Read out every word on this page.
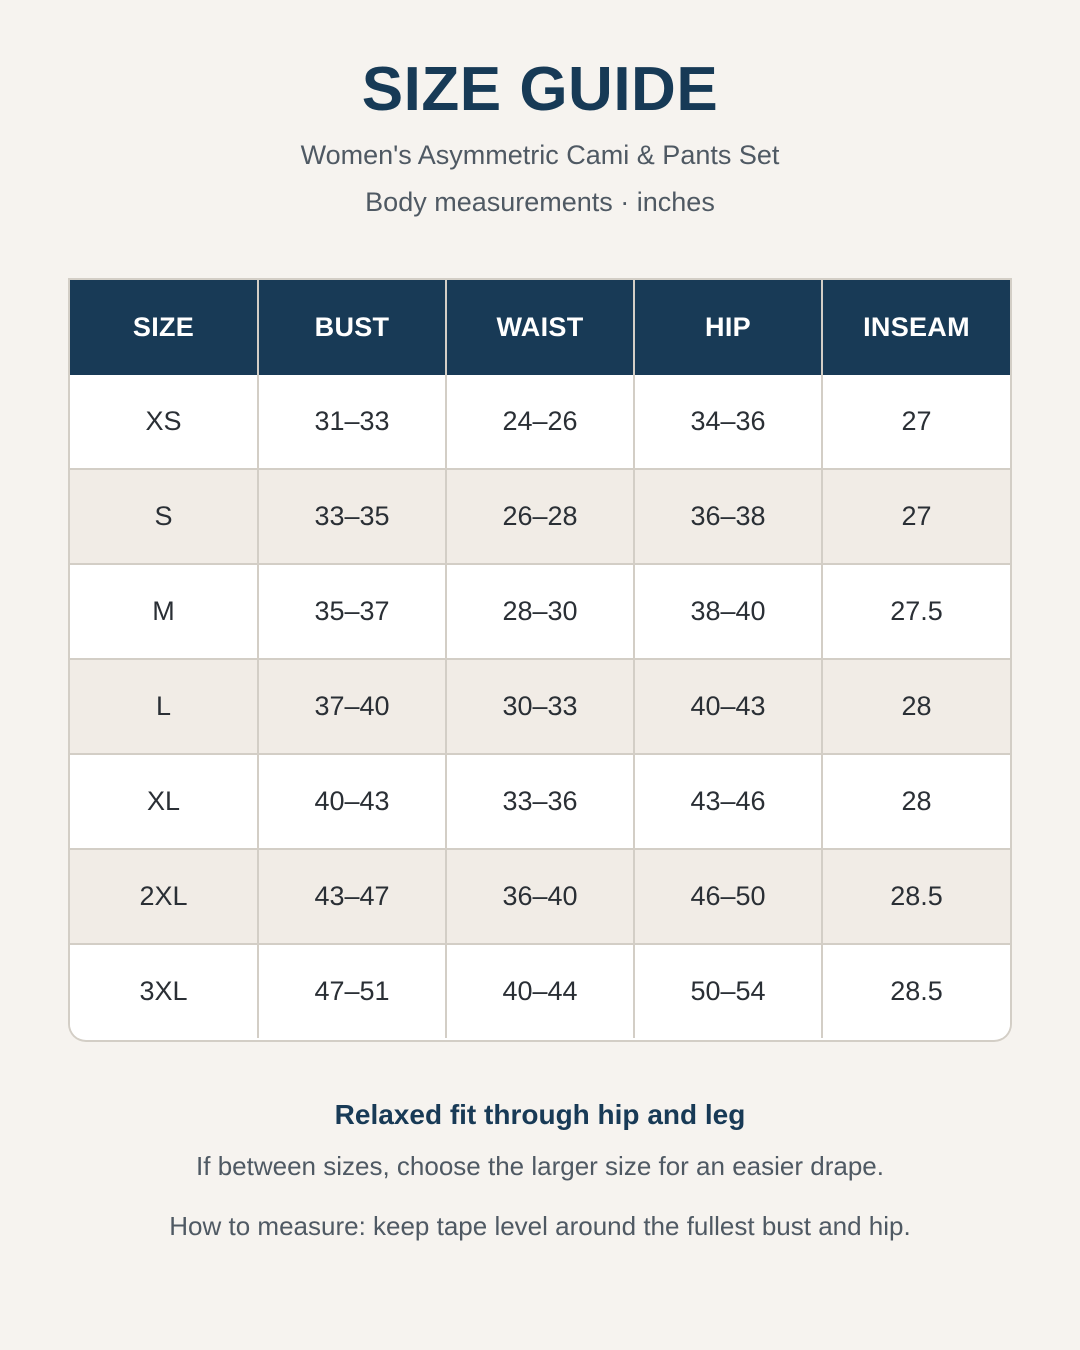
SIZE GUIDE
Women's Asymmetric Cami & Pants Set
Body measurements · inches
SIZE	BUST	WAIST	HIP	INSEAM
XS	31–33	24–26	34–36	27
S	33–35	26–28	36–38	27
M	35–37	28–30	38–40	27.5
L	37–40	30–33	40–43	28
XL	40–43	33–36	43–46	28
2XL	43–47	36–40	46–50	28.5
3XL	47–51	40–44	50–54	28.5
Relaxed fit through hip and leg
If between sizes, choose the larger size for an easier drape.
How to measure: keep tape level around the fullest bust and hip.
